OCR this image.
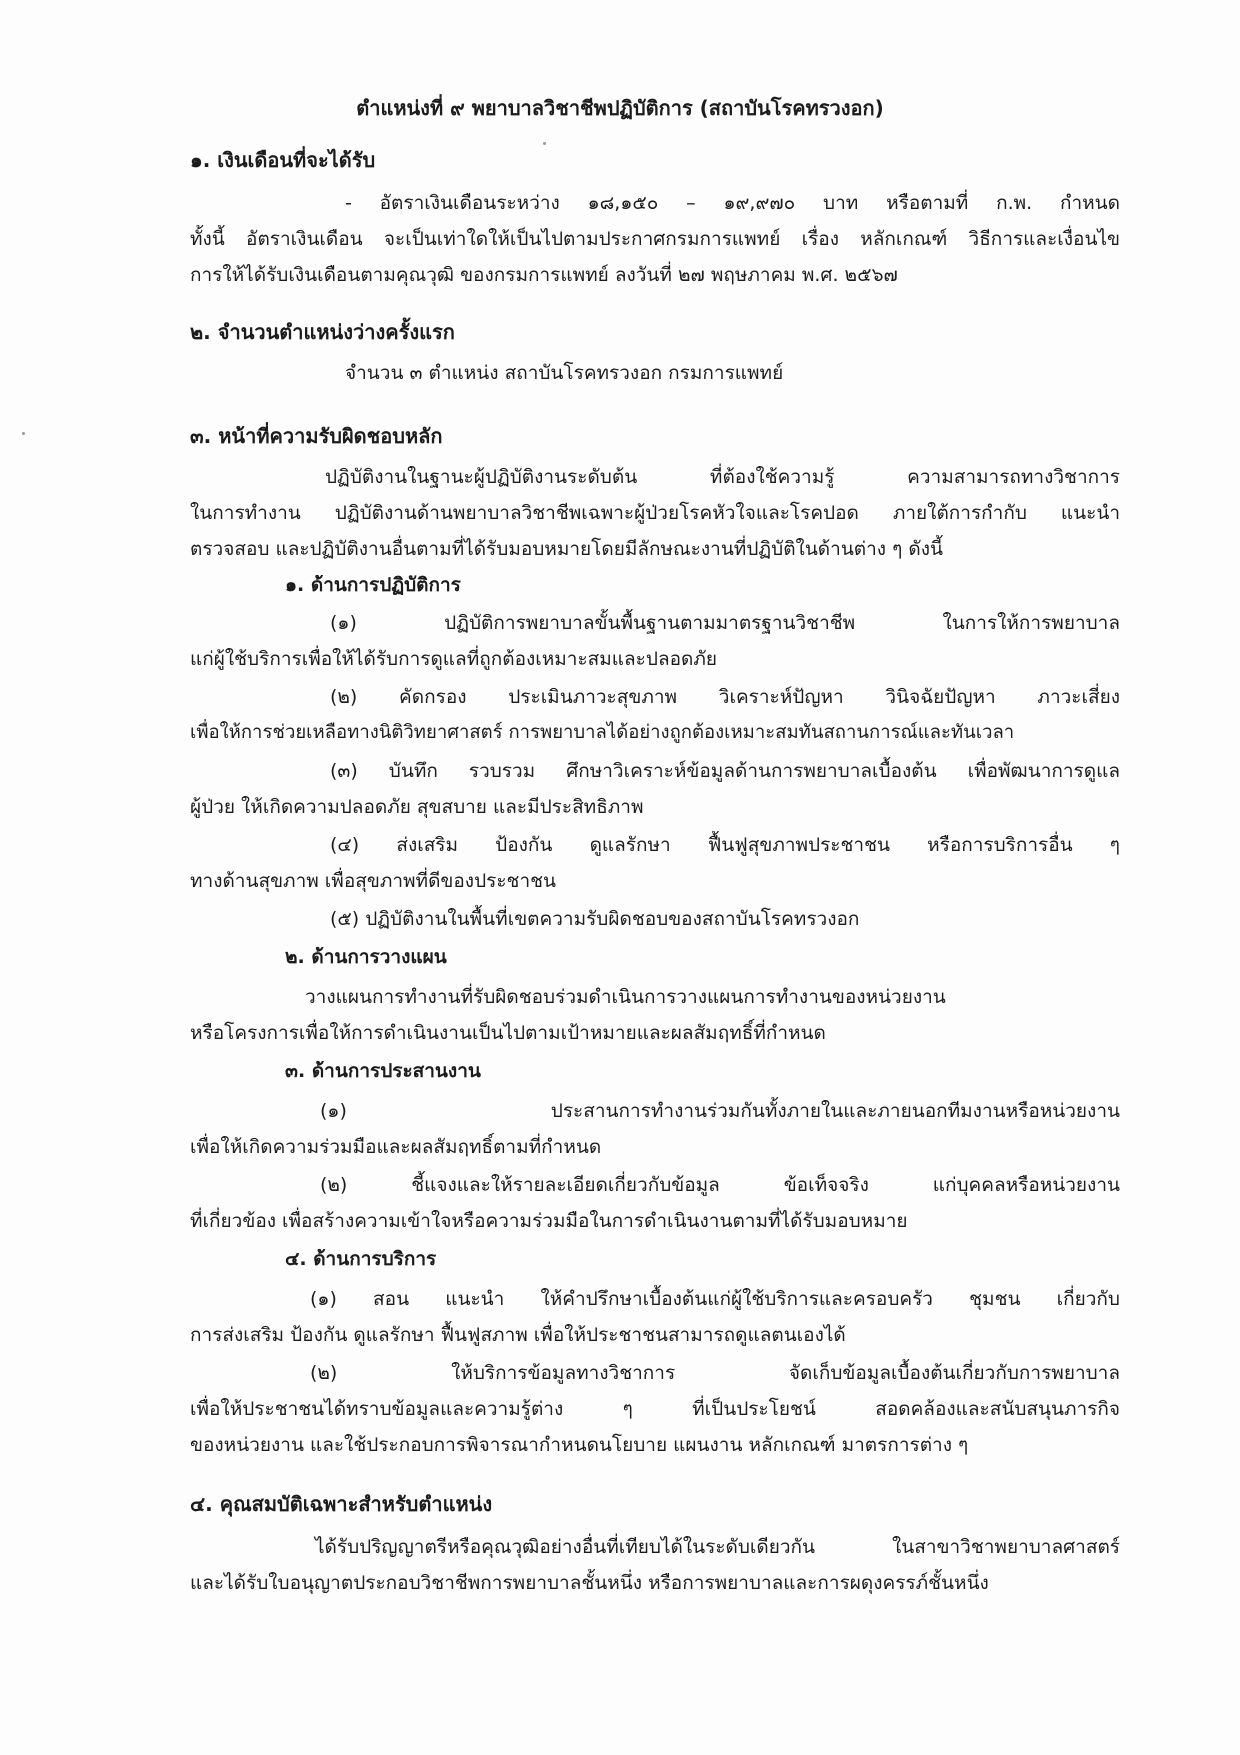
ตำแหน่งที่ ๙ พยาบาลวิชาชีพปฏิบัติการ (สถาบันโรคทรวงอก)
๑. เงินเดือนที่จะได้รับ
- อัตราเงินเดือนระหว่าง ๑๘,๑๕๐ – ๑๙,๙๗๐ บาท หรือตามที่ ก.พ. กำหนด
ทั้งนี้ อัตราเงินเดือน จะเป็นเท่าใดให้เป็นไปตามประกาศกรมการแพทย์ เรื่อง หลักเกณฑ์ วิธีการและเงื่อนไข
การให้ได้รับเงินเดือนตามคุณวุฒิ ของกรมการแพทย์ ลงวันที่ ๒๗ พฤษภาคม พ.ศ. ๒๕๖๗
๒. จำนวนตำแหน่งว่างครั้งแรก
จำนวน ๓ ตำแหน่ง สถาบันโรคทรวงอก กรมการแพทย์
๓. หน้าที่ความรับผิดชอบหลัก
ปฏิบัติงานในฐานะผู้ปฏิบัติงานระดับต้น ที่ต้องใช้ความรู้ ความสามารถทางวิชาการ
ในการทำงาน ปฏิบัติงานด้านพยาบาลวิชาชีพเฉพาะผู้ป่วยโรคหัวใจและโรคปอด ภายใต้การกำกับ แนะนำ
ตรวจสอบ และปฏิบัติงานอื่นตามที่ได้รับมอบหมายโดยมีลักษณะงานที่ปฏิบัติในด้านต่าง ๆ ดังนี้
๑. ด้านการปฏิบัติการ
(๑) ปฏิบัติการพยาบาลขั้นพื้นฐานตามมาตรฐานวิชาชีพ ในการให้การพยาบาล
แก่ผู้ใช้บริการเพื่อให้ได้รับการดูแลที่ถูกต้องเหมาะสมและปลอดภัย
(๒) คัดกรอง ประเมินภาวะสุขภาพ วิเคราะห์ปัญหา วินิจฉัยปัญหา ภาวะเสี่ยง
เพื่อให้การช่วยเหลือทางนิติวิทยาศาสตร์ การพยาบาลได้อย่างถูกต้องเหมาะสมทันสถานการณ์และทันเวลา
(๓) บันทึก รวบรวม ศึกษาวิเคราะห์ข้อมูลด้านการพยาบาลเบื้องต้น เพื่อพัฒนาการดูแล
ผู้ป่วย ให้เกิดความปลอดภัย สุขสบาย และมีประสิทธิภาพ
(๔) ส่งเสริม ป้องกัน ดูแลรักษา ฟื้นฟูสุขภาพประชาชน หรือการบริการอื่น ๆ
ทางด้านสุขภาพ เพื่อสุขภาพที่ดีของประชาชน
(๕) ปฏิบัติงานในพื้นที่เขตความรับผิดชอบของสถาบันโรคทรวงอก
๒. ด้านการวางแผน
วางแผนการทำงานที่รับผิดชอบร่วมดำเนินการวางแผนการทำงานของหน่วยงาน
หรือโครงการเพื่อให้การดำเนินงานเป็นไปตามเป้าหมายและผลสัมฤทธิ์ที่กำหนด
๓. ด้านการประสานงาน
(๑) ประสานการทำงานร่วมกันทั้งภายในและภายนอกทีมงานหรือหน่วยงาน
เพื่อให้เกิดความร่วมมือและผลสัมฤทธิ์ตามที่กำหนด
(๒) ชี้แจงและให้รายละเอียดเกี่ยวกับข้อมูล ข้อเท็จจริง แก่บุคคลหรือหน่วยงาน
ที่เกี่ยวข้อง เพื่อสร้างความเข้าใจหรือความร่วมมือในการดำเนินงานตามที่ได้รับมอบหมาย
๔. ด้านการบริการ
(๑) สอน แนะนำ ให้คำปรึกษาเบื้องต้นแก่ผู้ใช้บริการและครอบครัว ชุมชน เกี่ยวกับ
การส่งเสริม ป้องกัน ดูแลรักษา ฟื้นฟูสภาพ เพื่อให้ประชาชนสามารถดูแลตนเองได้
(๒) ให้บริการข้อมูลทางวิชาการ จัดเก็บข้อมูลเบื้องต้นเกี่ยวกับการพยาบาล
เพื่อให้ประชาชนได้ทราบข้อมูลและความรู้ต่าง ๆ ที่เป็นประโยชน์ สอดคล้องและสนับสนุนภารกิจ
ของหน่วยงาน และใช้ประกอบการพิจารณากำหนดนโยบาย แผนงาน หลักเกณฑ์ มาตรการต่าง ๆ
๔. คุณสมบัติเฉพาะสำหรับตำแหน่ง
ได้รับปริญญาตรีหรือคุณวุฒิอย่างอื่นที่เทียบได้ในระดับเดียวกัน ในสาขาวิชาพยาบาลศาสตร์
และได้รับใบอนุญาตประกอบวิชาชีพการพยาบาลชั้นหนึ่ง หรือการพยาบาลและการผดุงครรภ์ชั้นหนึ่ง
